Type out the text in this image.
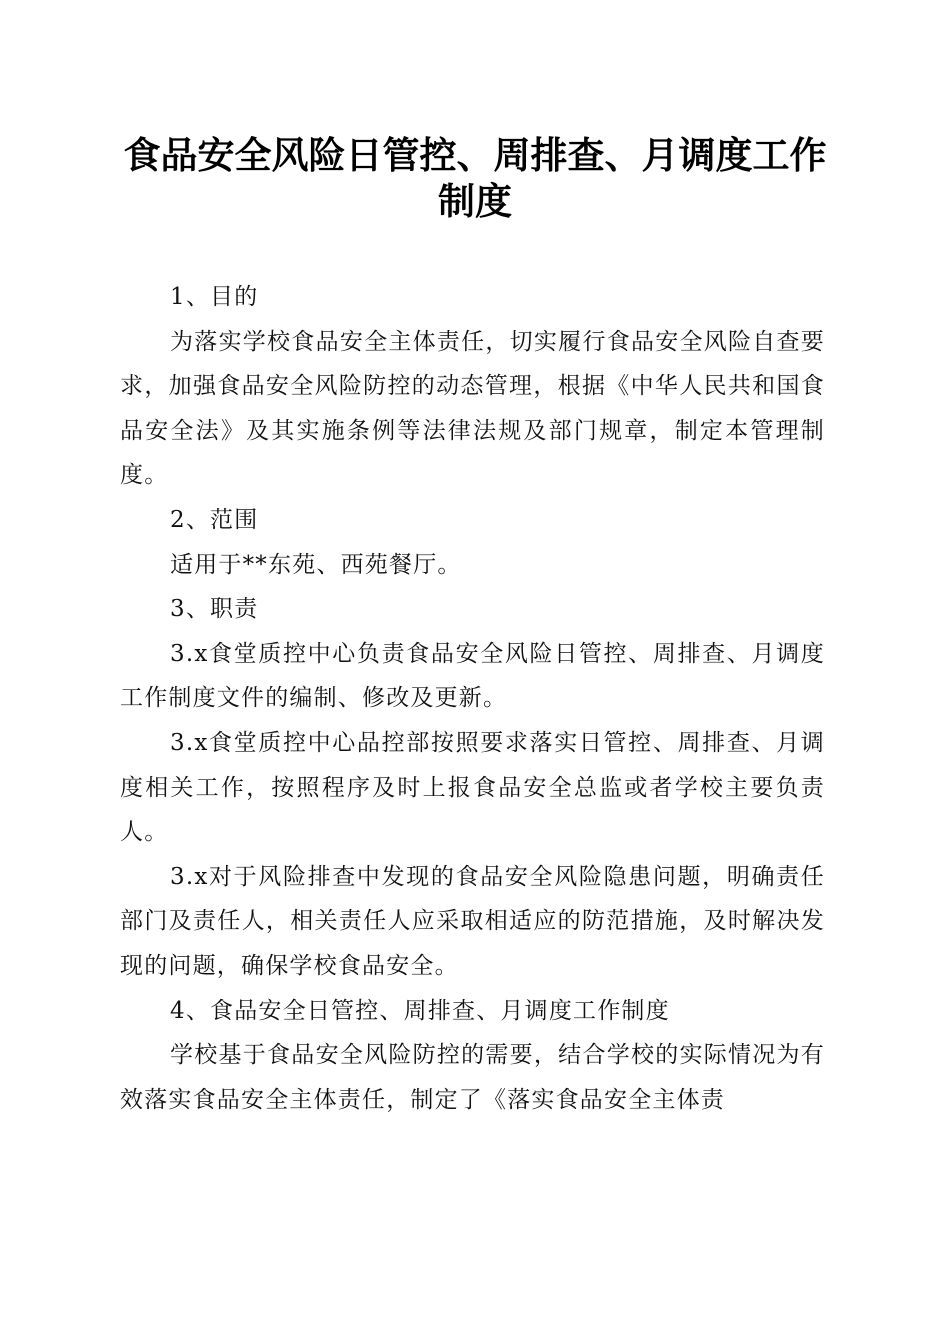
食品安全风险日管控、周排查、月调度工作制度

1、目的

为落实学校食品安全主体责任，切实履行食品安全风险自查要求，加强食品安全风险防控的动态管理，根据《中华人民共和国食品安全法》及其实施条例等法律法规及部门规章，制定本管理制度。

2、范围

适用于**东苑、西苑餐厅。

3、职责

3.x食堂质控中心负责食品安全风险日管控、周排查、月调度工作制度文件的编制、修改及更新。

3.x食堂质控中心品控部按照要求落实日管控、周排查、月调度相关工作，按照程序及时上报食品安全总监或者学校主要负责人。

3.x对于风险排查中发现的食品安全风险隐患问题，明确责任部门及责任人，相关责任人应采取相适应的防范措施，及时解决发现的问题，确保学校食品安全。

4、食品安全日管控、周排查、月调度工作制度

学校基于食品安全风险防控的需要，结合学校的实际情况为有效落实食品安全主体责任，制定了《落实食品安全主体责
